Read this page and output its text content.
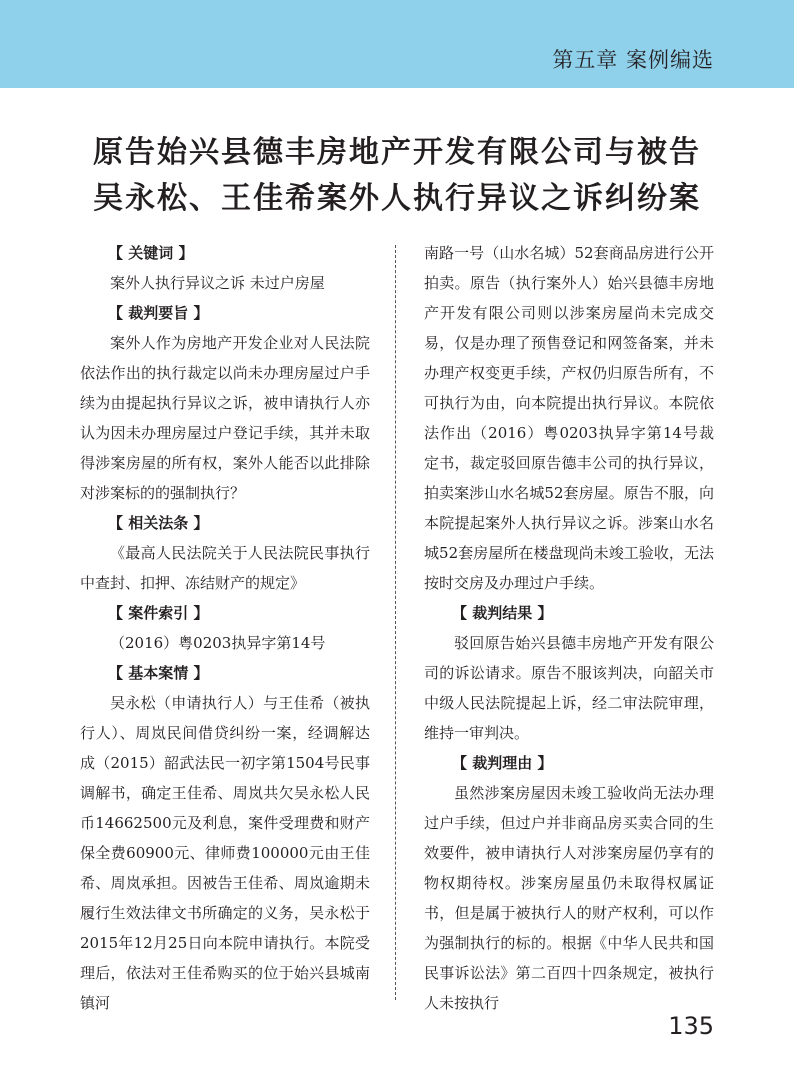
第五章 案例编选
原告始兴县德丰房地产开发有限公司与被告
吴永松、王佳希案外人执行异议之诉纠纷案
【 关键词 】

案外人执行异议之诉 未过户房屋

【 裁判要旨 】

案外人作为房地产开发企业对人民法院依法作出的执行裁定以尚未办理房屋过户手续为由提起执行异议之诉，被申请执行人亦认为因未办理房屋过户登记手续，其并未取得涉案房屋的所有权，案外人能否以此排除对涉案标的的强制执行？

【 相关法条 】

《最高人民法院关于人民法院民事执行中查封、扣押、冻结财产的规定》

【 案件索引 】

（2016）粤0203执异字第14号

【 基本案情 】

吴永松（申请执行人）与王佳希（被执行人）、周岚民间借贷纠纷一案，经调解达成（2015）韶武法民一初字第1504号民事调解书，确定王佳希、周岚共欠吴永松人民币14662500元及利息，案件受理费和财产保全费60900元、律师费100000元由王佳希、周岚承担。因被告王佳希、周岚逾期未履行生效法律文书所确定的义务，吴永松于2015年12月25日向本院申请执行。本院受理后，依法对王佳希购买的位于始兴县城南镇河

南路一号（山水名城）52套商品房进行公开拍卖。原告（执行案外人）始兴县德丰房地产开发有限公司则以涉案房屋尚未完成交易，仅是办理了预售登记和网签备案，并未办理产权变更手续，产权仍归原告所有，不可执行为由，向本院提出执行异议。本院依法作出（2016）粤0203执异字第14号裁定书，裁定驳回原告德丰公司的执行异议，拍卖案涉山水名城52套房屋。原告不服，向本院提起案外人执行异议之诉。涉案山水名城52套房屋所在楼盘现尚未竣工验收，无法按时交房及办理过户手续。

【 裁判结果 】

驳回原告始兴县德丰房地产开发有限公司的诉讼请求。原告不服该判决，向韶关市中级人民法院提起上诉，经二审法院审理，维持一审判决。

【 裁判理由 】

虽然涉案房屋因未竣工验收尚无法办理过户手续，但过户并非商品房买卖合同的生效要件，被申请执行人对涉案房屋仍享有的物权期待权。涉案房屋虽仍未取得权属证书，但是属于被执行人的财产权利，可以作为强制执行的标的。根据《中华人民共和国民事诉讼法》第二百四十四条规定，被执行人未按执行

135
